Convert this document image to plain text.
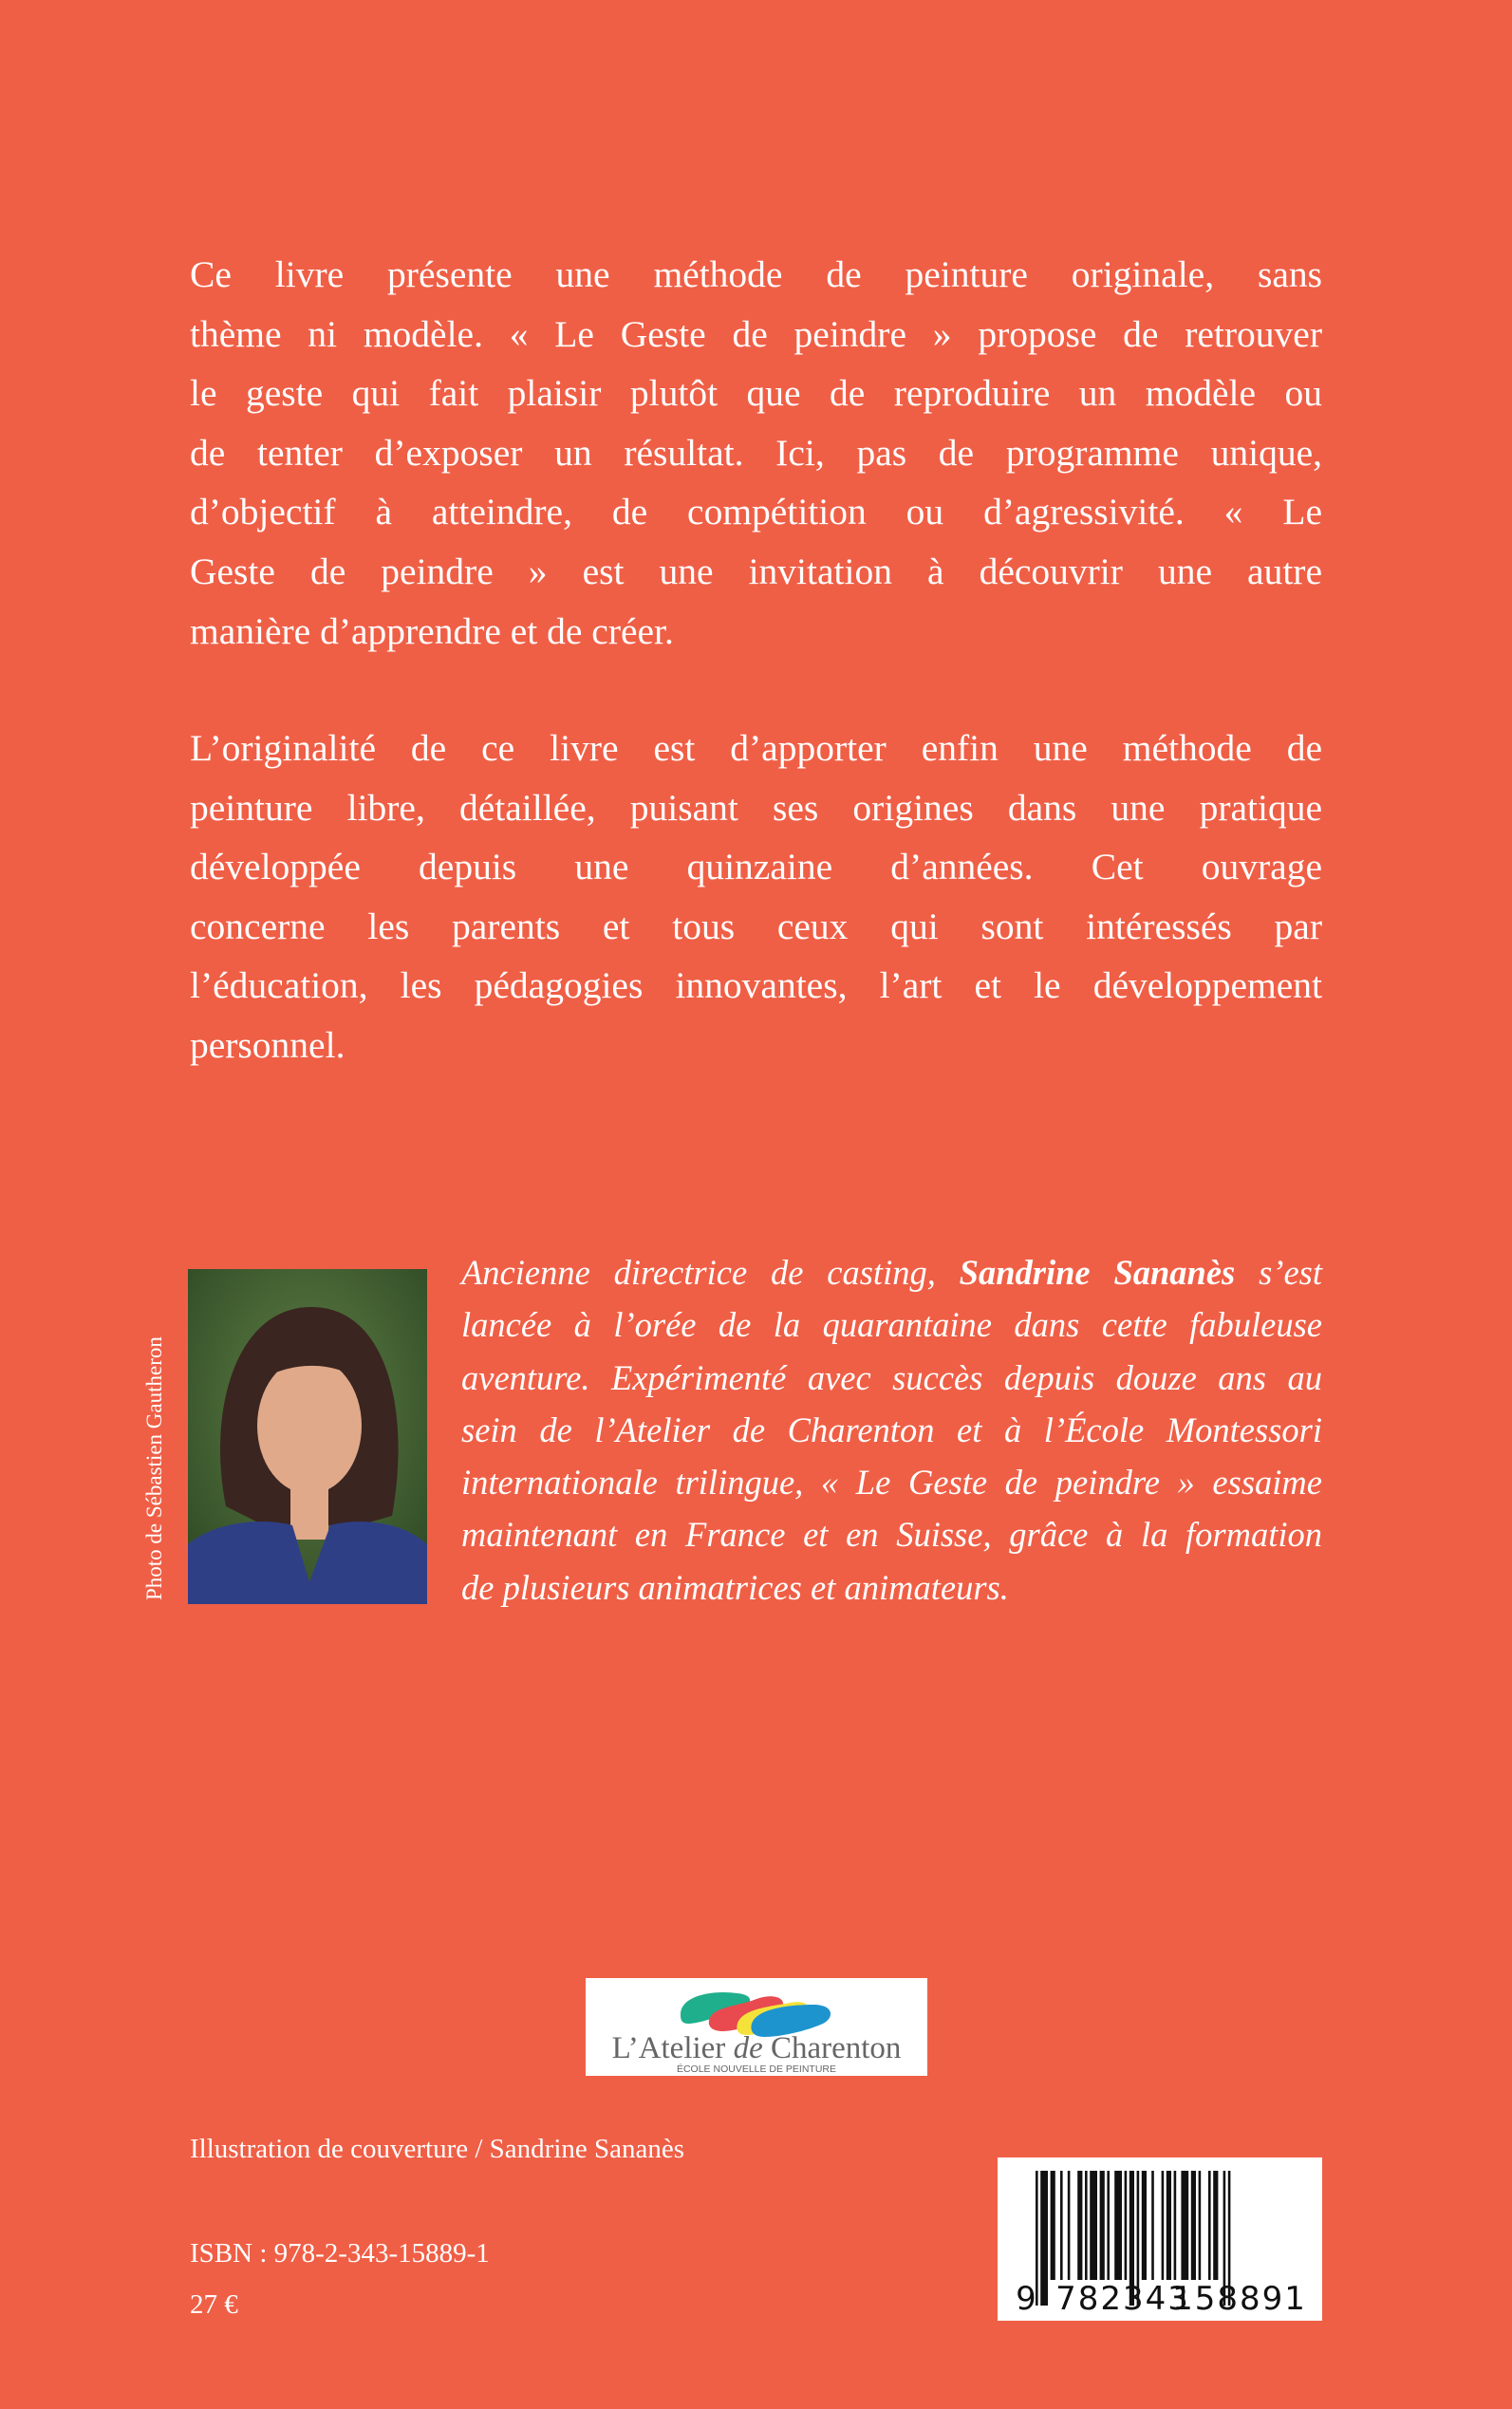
Ce livre présente une méthode de peinture originale, sans
thème ni modèle. « Le Geste de peindre » propose de retrouver
le geste qui fait plaisir plutôt que de reproduire un modèle ou
de tenter d’exposer un résultat. Ici, pas de programme unique,
d’objectif à atteindre, de compétition ou d’agressivité. « Le
Geste de peindre » est une invitation à découvrir une autre
manière d’apprendre et de créer.
L’originalité de ce livre est d’apporter enfin une méthode de
peinture libre, détaillée, puisant ses origines dans une pratique
développée depuis une quinzaine d’années. Cet ouvrage
concerne les parents et tous ceux qui sont intéressés par
l’éducation, les pédagogies innovantes, l’art et le développement
personnel.
Photo de Sébastien Gautheron
Ancienne directrice de casting, Sandrine Sananès s’est
lancée à l’orée de la quarantaine dans cette fabuleuse
aventure. Expérimenté avec succès depuis douze ans au
sein de l’Atelier de Charenton et à l’École Montessori
internationale trilingue, « Le Geste de peindre » essaime
maintenant en France et en Suisse, grâce à la formation
de plusieurs animatrices et animateurs.
L’Atelier de Charenton
ÉCOLE NOUVELLE DE PEINTURE
Illustration de couverture / Sandrine Sananès
ISBN : 978-2-343-15889-1
27 €	9 782343
158891
